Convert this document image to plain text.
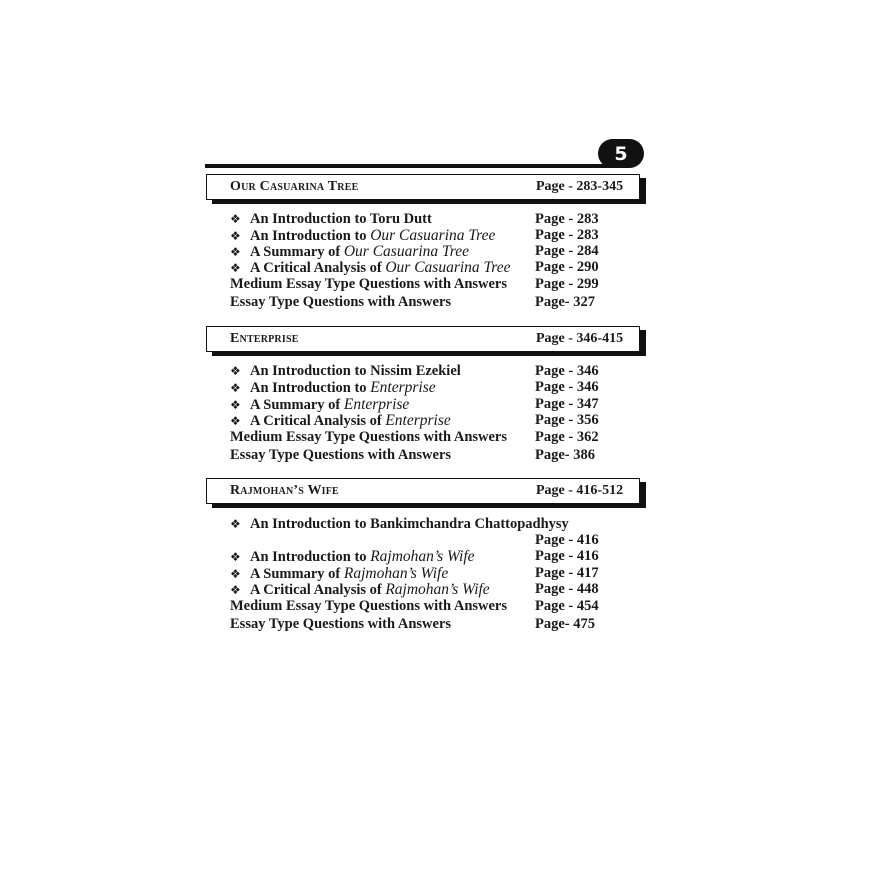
5
Our Casuarina Tree	Page - 283-345
❖ An Introduction to Toru Dutt	Page - 283
❖ An Introduction to Our Casuarina Tree	Page - 283
❖ A Summary of Our Casuarina Tree	Page - 284
❖ A Critical Analysis of Our Casuarina Tree Page - 290
Medium Essay Type Questions with Answers Page - 299
Essay Type Questions with Answers	Page- 327
Enterprise	Page - 346-415
❖ An Introduction to Nissim Ezekiel	Page - 346
❖ An Introduction to Enterprise	Page - 346
❖ A Summary of Enterprise	Page - 347
❖ A Critical Analysis of Enterprise	Page - 356
Medium Essay Type Questions with Answers Page - 362
Essay Type Questions with Answers	Page- 386
Rajmohan’s Wife	Page - 416-512
❖ An Introduction to Bankimchandra Chattopadhysy
Page - 416
❖ An Introduction to Rajmohan’s Wife	Page - 416
❖ A Summary of Rajmohan’s Wife	Page - 417
❖ A Critical Analysis of Rajmohan’s Wife	Page - 448
Medium Essay Type Questions with Answers Page - 454
Essay Type Questions with Answers	Page- 475
